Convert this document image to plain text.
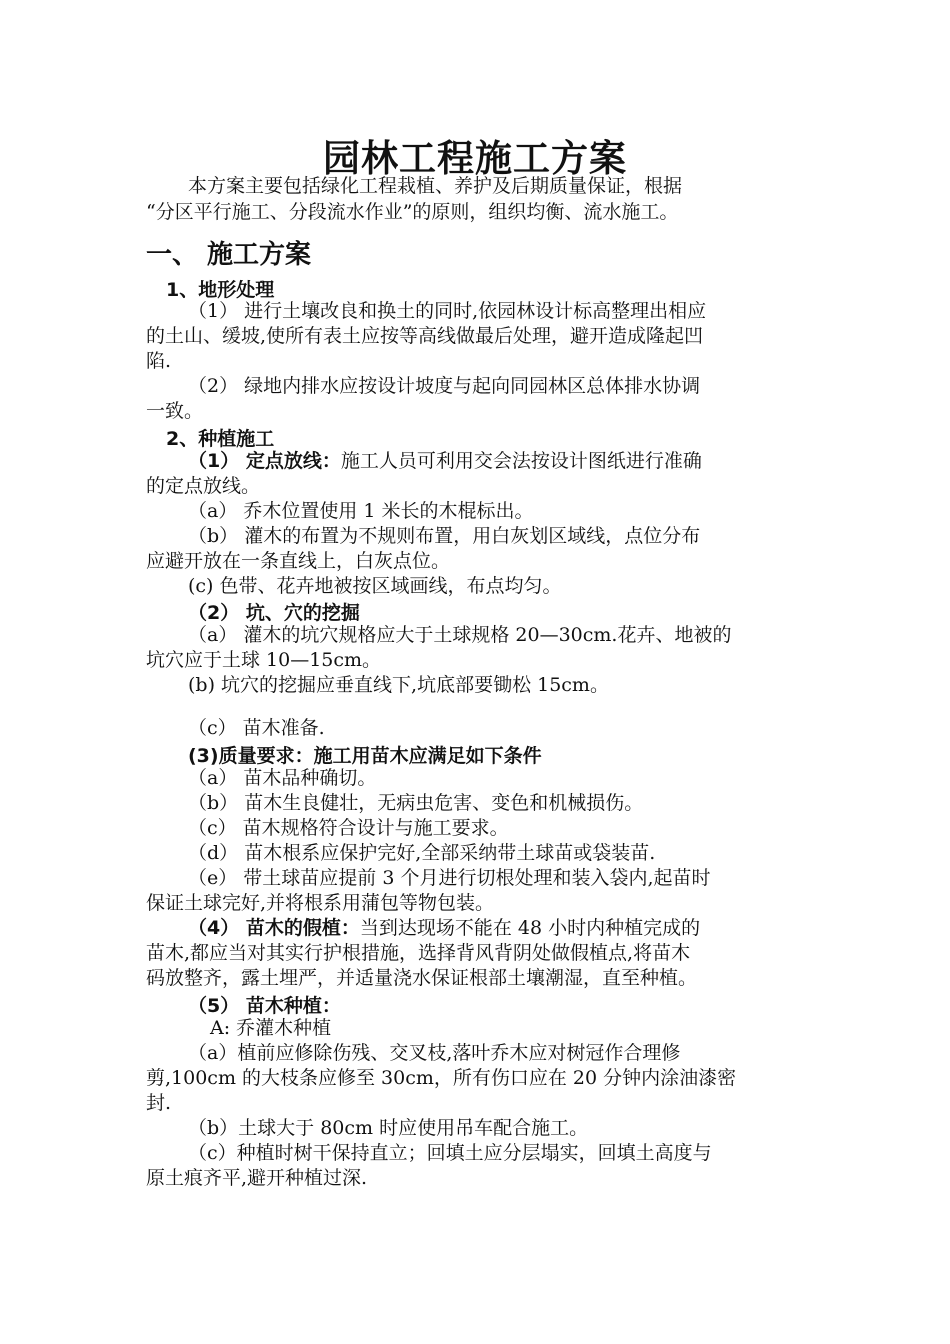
园林工程施工方案
本方案主要包括绿化工程栽植、养护及后期质量保证，根据
“分区平行施工、分段流水作业”的原则，组织均衡、流水施工。
一、 施工方案
1、地形处理
（1） 进行土壤改良和换土的同时,依园林设计标高整理出相应
的土山、缓坡,使所有表土应按等高线做最后处理，避开造成隆起凹
陷.
（2） 绿地内排水应按设计坡度与起向同园林区总体排水协调
一致。
2、种植施工
（1） 定点放线：施工人员可利用交会法按设计图纸进行准确
的定点放线。
（a） 乔木位置使用 1 米长的木棍标出。
（b） 灌木的布置为不规则布置，用白灰划区域线，点位分布
应避开放在一条直线上，白灰点位。
(c) 色带、花卉地被按区域画线，布点均匀。
（2） 坑、穴的挖掘
（a） 灌木的坑穴规格应大于土球规格 20—30cm.花卉、地被的
坑穴应于土球 10—15cm。
(b) 坑穴的挖掘应垂直线下,坑底部要锄松 15cm。
（c） 苗木准备.
(3)质量要求：施工用苗木应满足如下条件
（a） 苗木品种确切。
（b） 苗木生良健壮，无病虫危害、变色和机械损伤。
（c） 苗木规格符合设计与施工要求。
（d） 苗木根系应保护完好,全部采纳带土球苗或袋装苗.
（e） 带土球苗应提前 3 个月进行切根处理和装入袋内,起苗时
保证土球完好,并将根系用蒲包等物包装。
（4） 苗木的假植：当到达现场不能在 48 小时内种植完成的
苗木,都应当对其实行护根措施，选择背风背阴处做假植点,将苗木
码放整齐，露土埋严，并适量浇水保证根部土壤潮湿，直至种植。
（5） 苗木种植：
A: 乔灌木种植
（a）植前应修除伤残、交叉枝,落叶乔木应对树冠作合理修
剪,100cm 的大枝条应修至 30cm，所有伤口应在 20 分钟内涂油漆密
封.
（b）土球大于 80cm 时应使用吊车配合施工。
（c）种植时树干保持直立；回填土应分层塌实，回填土高度与
原土痕齐平,避开种植过深.
